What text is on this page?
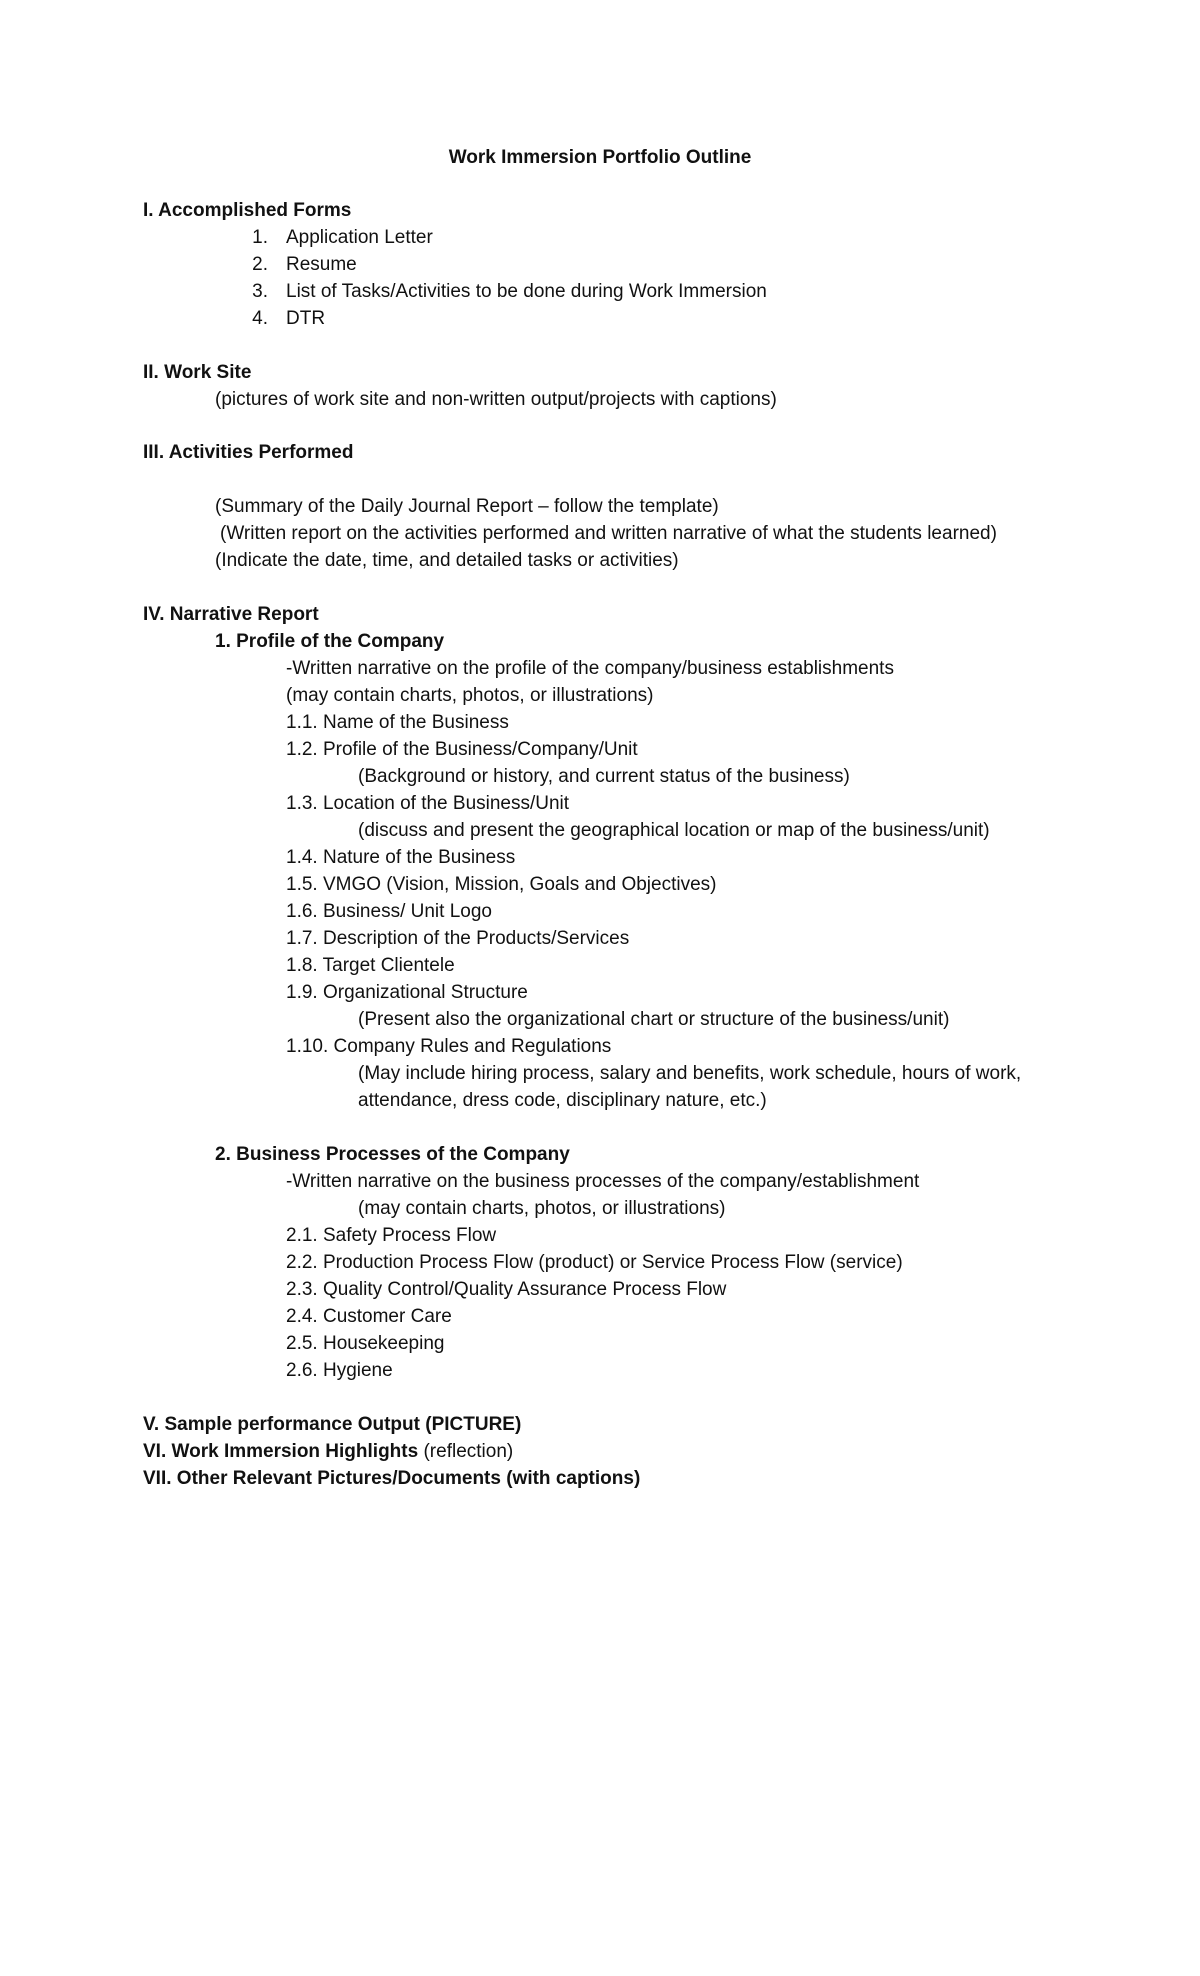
Work Immersion Portfolio Outline
I. Accomplished Forms
1. Application Letter
2. Resume
3. List of Tasks/Activities to be done during Work Immersion
4. DTR
II. Work Site
(pictures of work site and non-written output/projects with captions)
III. Activities Performed
(Summary of the Daily Journal Report – follow the template)
(Written report on the activities performed and written narrative of what the students learned)
(Indicate the date, time, and detailed tasks or activities)
IV. Narrative Report
1. Profile of the Company
-Written narrative on the profile of the company/business establishments
(may contain charts, photos, or illustrations)
1.1. Name of the Business
1.2. Profile of the Business/Company/Unit
(Background or history, and current status of the business)
1.3. Location of the Business/Unit
(discuss and present the geographical location or map of the business/unit)
1.4. Nature of the Business
1.5. VMGO (Vision, Mission, Goals and Objectives)
1.6. Business/ Unit Logo
1.7. Description of the Products/Services
1.8. Target Clientele
1.9. Organizational Structure
(Present also the organizational chart or structure of the business/unit)
1.10. Company Rules and Regulations
(May include hiring process, salary and benefits, work schedule, hours of work,
attendance, dress code, disciplinary nature, etc.)
2. Business Processes of the Company
-Written narrative on the business processes of the company/establishment
(may contain charts, photos, or illustrations)
2.1. Safety Process Flow
2.2. Production Process Flow (product) or Service Process Flow (service)
2.3. Quality Control/Quality Assurance Process Flow
2.4. Customer Care
2.5. Housekeeping
2.6. Hygiene
V. Sample performance Output (PICTURE)
VI. Work Immersion Highlights (reflection)
VII. Other Relevant Pictures/Documents (with captions)
